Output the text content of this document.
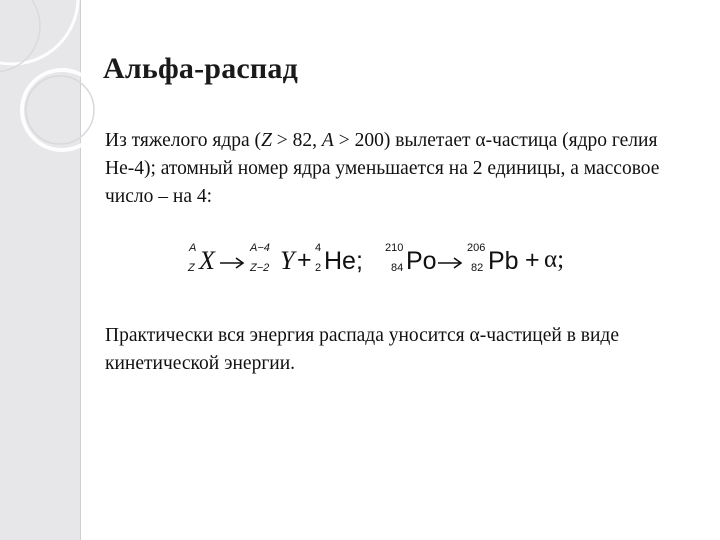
Альфа-распад
Из тяжелого ядра (Z > 82, A > 200) вылетает α-частица (ядро гелия He-4); атомный номер ядра уменьшается на 2 единицы, а массовое число – на 4:
A
Z X	A−4
Z−2 Y + 4
2 He; 210
84 Po	206
82 Pb + α;
Практически вся энергия распада уносится α-частицей в виде кинетической энергии.
